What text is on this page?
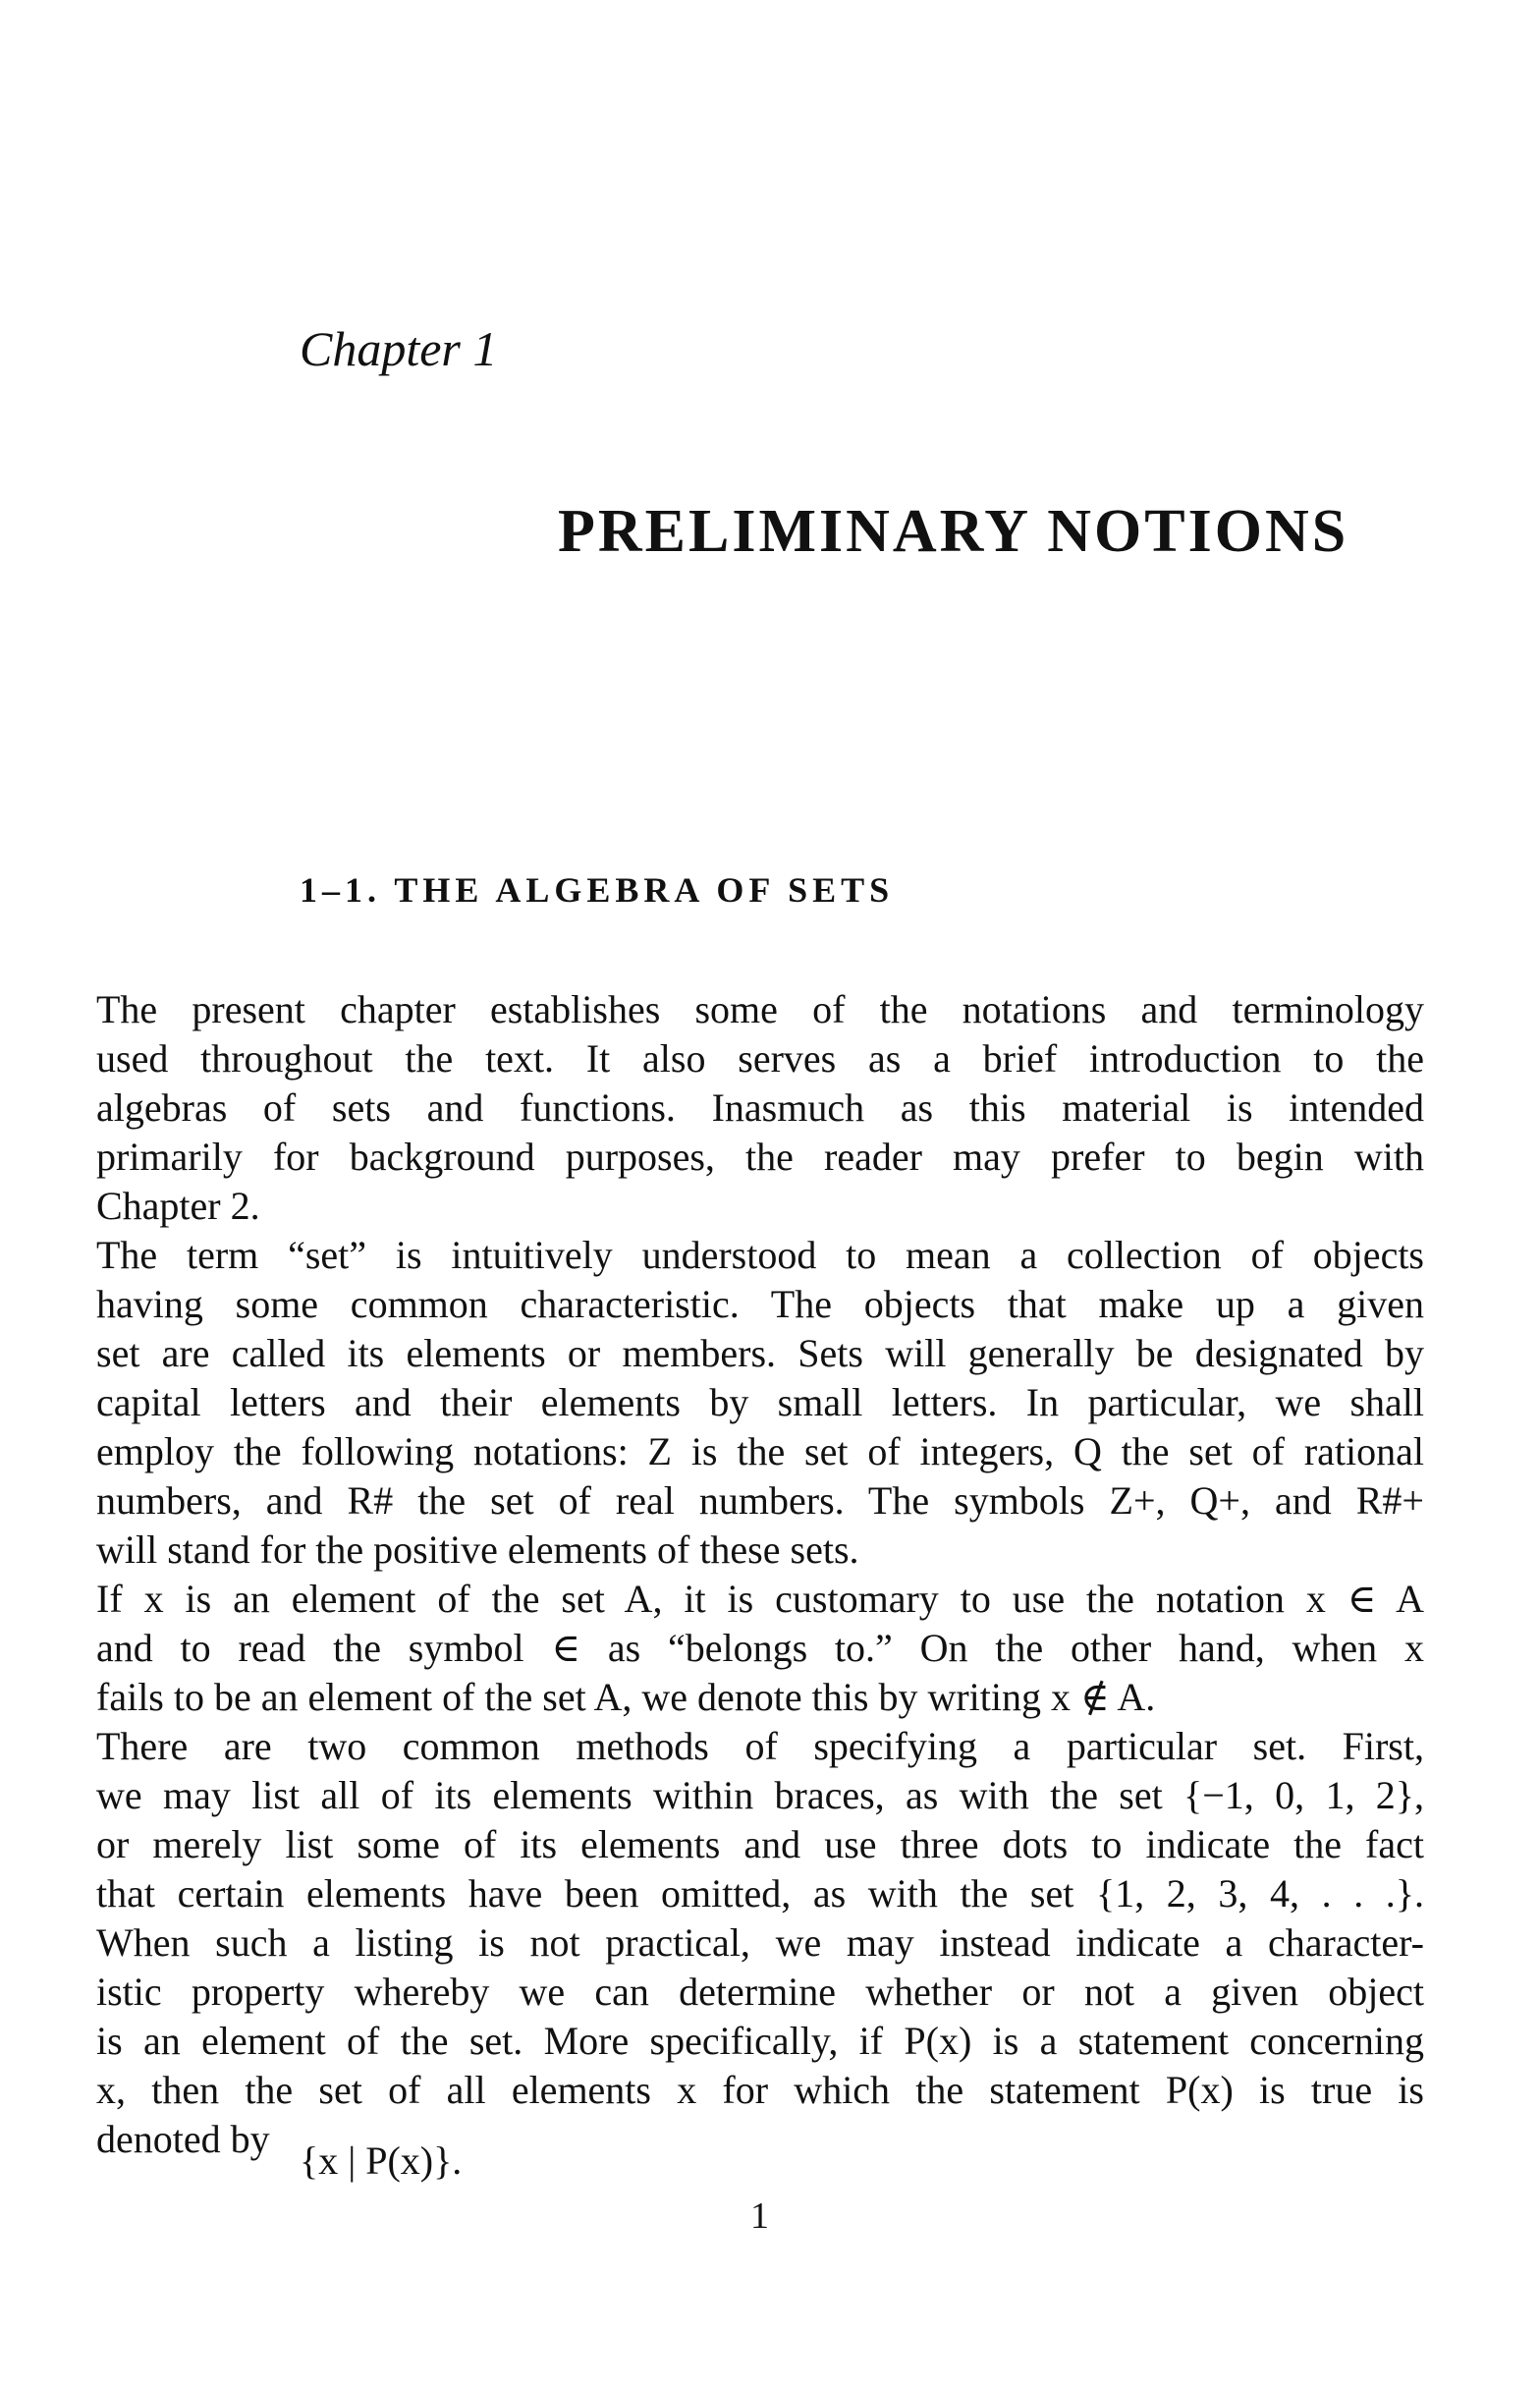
Chapter 1
PRELIMINARY NOTIONS
1–1. THE ALGEBRA OF SETS
The present chapter establishes some of the notations and terminology
used throughout the text. It also serves as a brief introduction to the
algebras of sets and functions. Inasmuch as this material is intended
primarily for background purposes, the reader may prefer to begin with
Chapter 2.
The term “set” is intuitively understood to mean a collection of objects
having some common characteristic. The objects that make up a given
set are called its elements or members. Sets will generally be designated by
capital letters and their elements by small letters. In particular, we shall
employ the following notations: Z is the set of integers, Q the set of rational
numbers, and R# the set of real numbers. The symbols Z+, Q+, and R#+
will stand for the positive elements of these sets.
If x is an element of the set A, it is customary to use the notation x ∈ A
and to read the symbol ∈ as “belongs to.” On the other hand, when x
fails to be an element of the set A, we denote this by writing x ∉ A.
There are two common methods of specifying a particular set. First,
we may list all of its elements within braces, as with the set {−1, 0, 1, 2},
or merely list some of its elements and use three dots to indicate the fact
that certain elements have been omitted, as with the set {1, 2, 3, 4, . . .}.
When such a listing is not practical, we may instead indicate a character-
istic property whereby we can determine whether or not a given object
is an element of the set. More specifically, if P(x) is a statement concerning
x, then the set of all elements x for which the statement P(x) is true is
denoted by {x | P(x)}.
1
